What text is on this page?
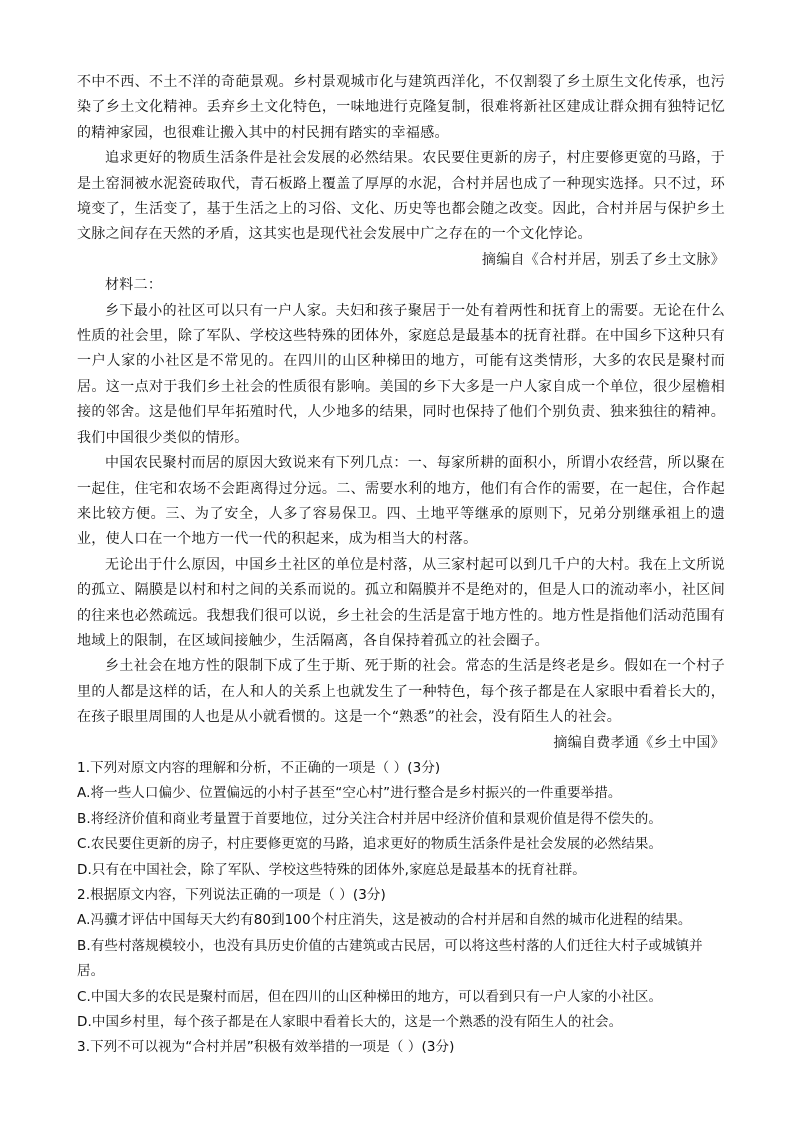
不中不西、不土不洋的奇葩景观。乡村景观城市化与建筑西洋化，不仅割裂了乡土原生文化传承，也污染了乡土文化精神。丢弃乡土文化特色，一味地进行克隆复制，很难将新社区建成让群众拥有独特记忆的精神家园，也很难让搬入其中的村民拥有踏实的幸福感。

追求更好的物质生活条件是社会发展的必然结果。农民要住更新的房子，村庄要修更宽的马路，于是土窑洞被水泥瓷砖取代，青石板路上覆盖了厚厚的水泥，合村并居也成了一种现实选择。只不过，环境变了，生活变了，基于生活之上的习俗、文化、历史等也都会随之改变。因此，合村并居与保护乡土文脉之间存在天然的矛盾，这其实也是现代社会发展中广之存在的一个文化悖论。

摘编自《合村并居，别丢了乡土文脉》

材料二：

乡下最小的社区可以只有一户人家。夫妇和孩子聚居于一处有着两性和抚育上的需要。无论在什么性质的社会里，除了军队、学校这些特殊的团体外，家庭总是最基本的抚育社群。在中国乡下这种只有一户人家的小社区是不常见的。在四川的山区种梯田的地方，可能有这类情形，大多的农民是聚村而居。这一点对于我们乡土社会的性质很有影响。美国的乡下大多是一户人家自成一个单位，很少屋檐相接的邻舍。这是他们早年拓殖时代，人少地多的结果，同时也保持了他们个别负责、独来独往的精神。我们中国很少类似的情形。

中国农民聚村而居的原因大致说来有下列几点：一、每家所耕的面积小，所谓小农经营，所以聚在一起住，住宅和农场不会距离得过分远。二、需要水利的地方，他们有合作的需要，在一起住，合作起来比较方便。三、为了安全，人多了容易保卫。四、土地平等继承的原则下，兄弟分别继承祖上的遗业，使人口在一个地方一代一代的积起来，成为相当大的村落。

无论出于什么原因，中国乡土社区的单位是村落，从三家村起可以到几千户的大村。我在上文所说的孤立、隔膜是以村和村之间的关系而说的。孤立和隔膜并不是绝对的，但是人口的流动率小，社区间的往来也必然疏远。我想我们很可以说，乡土社会的生活是富于地方性的。地方性是指他们活动范围有地域上的限制，在区域间接触少，生活隔离，各自保持着孤立的社会圈子。

乡土社会在地方性的限制下成了生于斯、死于斯的社会。常态的生活是终老是乡。假如在一个村子里的人都是这样的话，在人和人的关系上也就发生了一种特色，每个孩子都是在人家眼中看着长大的，在孩子眼里周围的人也是从小就看惯的。这是一个“熟悉”的社会，没有陌生人的社会。

摘编自费孝通《乡土中国》

1.下列对原文内容的理解和分析，不正确的一项是（ ）(3分)

A.将一些人口偏少、位置偏远的小村子甚至“空心村”进行整合是乡村振兴的一件重要举措。

B.将经济价值和商业考量置于首要地位，过分关注合村并居中经济价值和景观价值是得不偿失的。

C.农民要住更新的房子，村庄要修更宽的马路，追求更好的物质生活条件是社会发展的必然结果。

D.只有在中国社会，除了军队、学校这些特殊的团体外,家庭总是最基本的抚育社群。

2.根据原文内容，下列说法正确的一项是（ ）(3分)

A.冯骥才评估中国每天大约有80到100个村庄消失，这是被动的合村并居和自然的城市化进程的结果。

B.有些村落规模较小，也没有具历史价值的古建筑或古民居，可以将这些村落的人们迁往大村子或城镇并居。

C.中国大多的农民是聚村而居，但在四川的山区种梯田的地方，可以看到只有一户人家的小社区。

D.中国乡村里，每个孩子都是在人家眼中看着长大的，这是一个熟悉的没有陌生人的社会。

3.下列不可以视为“合村并居”积极有效举措的一项是（ ）(3分)
